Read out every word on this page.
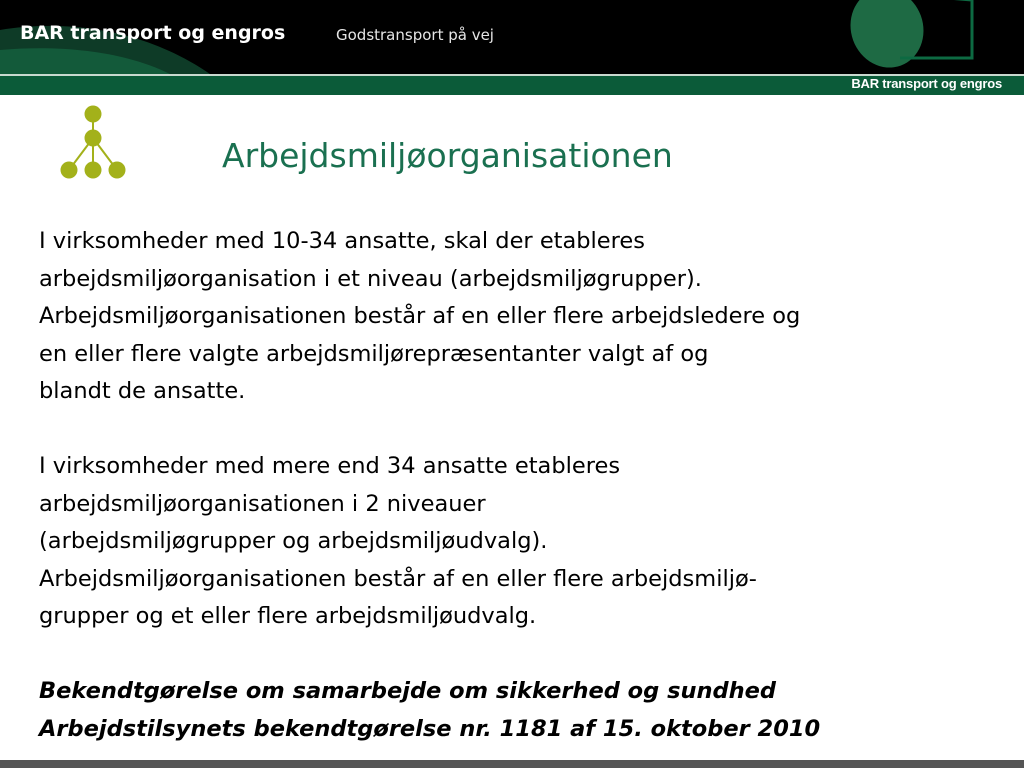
BAR transport og engros	Godstransport på vej
BAR transport og engros
Arbejdsmiljøorganisationen
I virksomheder med 10-34 ansatte, skal der etableres
arbejdsmiljøorganisation i et niveau (arbejdsmiljøgrupper).
Arbejdsmiljøorganisationen består af en eller flere arbejdsledere og
en eller flere valgte arbejdsmiljørepræsentanter valgt af og
blandt de ansatte.
I virksomheder med mere end 34 ansatte etableres
arbejdsmiljøorganisationen i 2 niveauer
(arbejdsmiljøgrupper og arbejdsmiljøudvalg).
Arbejdsmiljøorganisationen består af en eller flere arbejdsmiljø-
grupper og et eller flere arbejdsmiljøudvalg.
Bekendtgørelse om samarbejde om sikkerhed og sundhed
Arbejdstilsynets bekendtgørelse nr. 1181 af 15. oktober 2010
